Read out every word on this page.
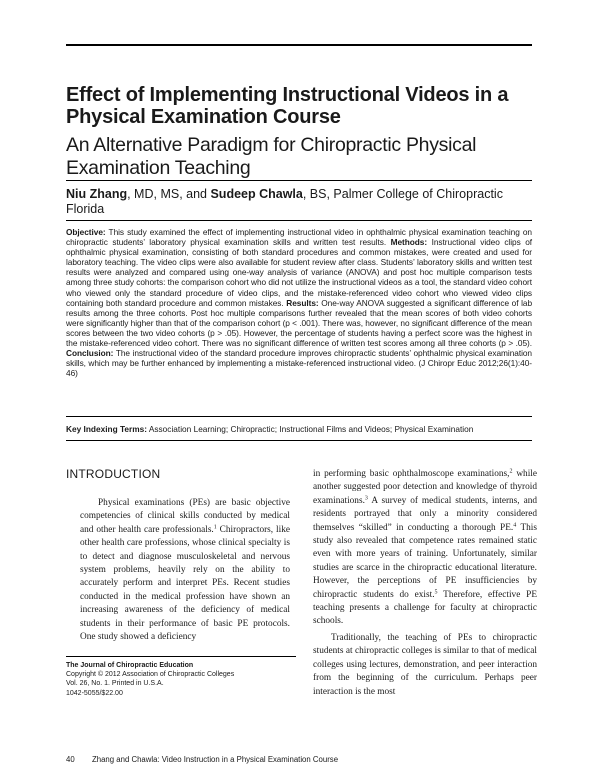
Effect of Implementing Instructional Videos in a Physical Examination Course
An Alternative Paradigm for Chiropractic Physical Examination Teaching
Niu Zhang, MD, MS, and Sudeep Chawla, BS, Palmer College of Chiropractic Florida
Objective: This study examined the effect of implementing instructional video in ophthalmic physical examination teaching on chiropractic students’ laboratory physical examination skills and written test results. Methods: Instructional video clips of ophthalmic physical examination, consisting of both standard procedures and common mistakes, were created and used for laboratory teaching. The video clips were also available for student review after class. Students’ laboratory skills and written test results were analyzed and compared using one-way analysis of variance (ANOVA) and post hoc multiple comparison tests among three study cohorts: the comparison cohort who did not utilize the instructional videos as a tool, the standard video cohort who viewed only the standard procedure of video clips, and the mistake-referenced video cohort who viewed video clips containing both standard procedure and common mistakes. Results: One-way ANOVA suggested a significant difference of lab results among the three cohorts. Post hoc multiple comparisons further revealed that the mean scores of both video cohorts were significantly higher than that of the comparison cohort (p < .001). There was, however, no significant difference of the mean scores between the two video cohorts (p > .05). However, the percentage of students having a perfect score was the highest in the mistake-referenced video cohort. There was no significant difference of written test scores among all three cohorts (p > .05). Conclusion: The instructional video of the standard procedure improves chiropractic students’ ophthalmic physical examination skills, which may be further enhanced by implementing a mistake-referenced instructional video. (J Chiropr Educ 2012;26(1):40-46)
Key Indexing Terms: Association Learning; Chiropractic; Instructional Films and Videos; Physical Examination
INTRODUCTION

Physical examinations (PEs) are basic objective competencies of clinical skills conducted by medical and other health care professionals.$^1$ Chiropractors, like other health care professions, whose clinical specialty is to detect and diagnose musculoskeletal and nervous system problems, heavily rely on the ability to accurately perform and interpret PEs. Recent studies conducted in the medical profession have shown an increasing awareness of the deficiency of medical students in their performance of basic PE protocols. One study showed a deficiency

in performing basic ophthalmoscope examinations,$^2$ while another suggested poor detection and knowledge of thyroid examinations.$^3$ A survey of medical students, interns, and residents portrayed that only a minority considered themselves “skilled” in conducting a thorough PE.$^4$ This study also revealed that competence rates remained static even with more years of training. Unfortunately, similar studies are scarce in the chiropractic educational literature. However, the perceptions of PE insufficiencies by chiropractic students do exist.$^5$ Therefore, effective PE teaching presents a challenge for faculty at chiropractic schools.

Traditionally, the teaching of PEs to chiropractic students at chiropractic colleges is similar to that of medical colleges using lectures, demonstration, and peer interaction from the beginning of the curriculum. Perhaps peer interaction is the most

The Journal of Chiropractic Education
Copyright © 2012 Association of Chiropractic Colleges
Vol. 26, No. 1. Printed in U.S.A.
1042-5055/$22.00
40 Zhang and Chawla: Video Instruction in a Physical Examination Course
